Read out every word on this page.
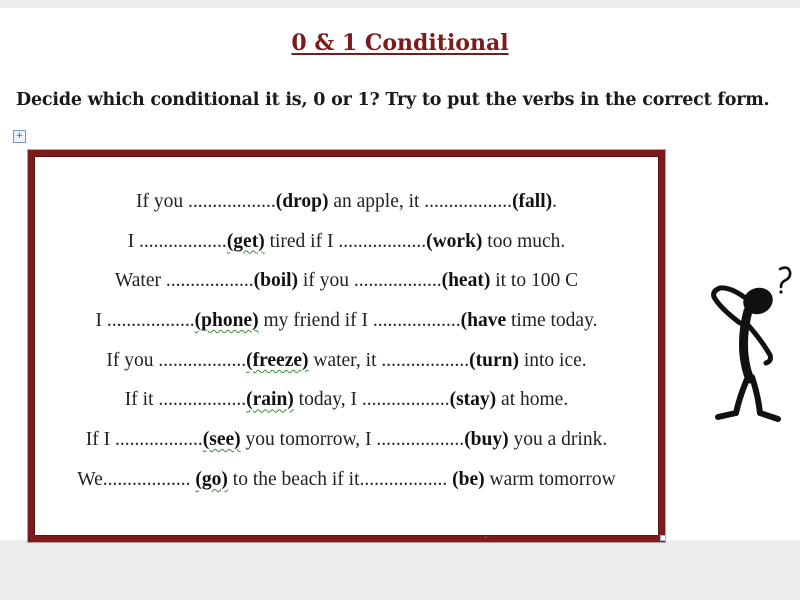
0 & 1 Conditional
Decide which conditional it is, 0 or 1? Try to put the verbs in the correct form.
+
If you ..................(drop) an apple, it ..................(fall).
I ..................(get) tired if I ..................(work) too much.
Water ..................(boil) if you ..................(heat) it to 100 C
I ..................(phone) my friend if I ..................(have time today.
If you ..................(freeze) water, it ..................(turn) into ice.
If it ..................(rain) today, I ..................(stay) at home.
If I ..................(see) you tomorrow, I ..................(buy) you a drink.
We.................. (go) to the beach if it.................. (be) warm tomorrow
